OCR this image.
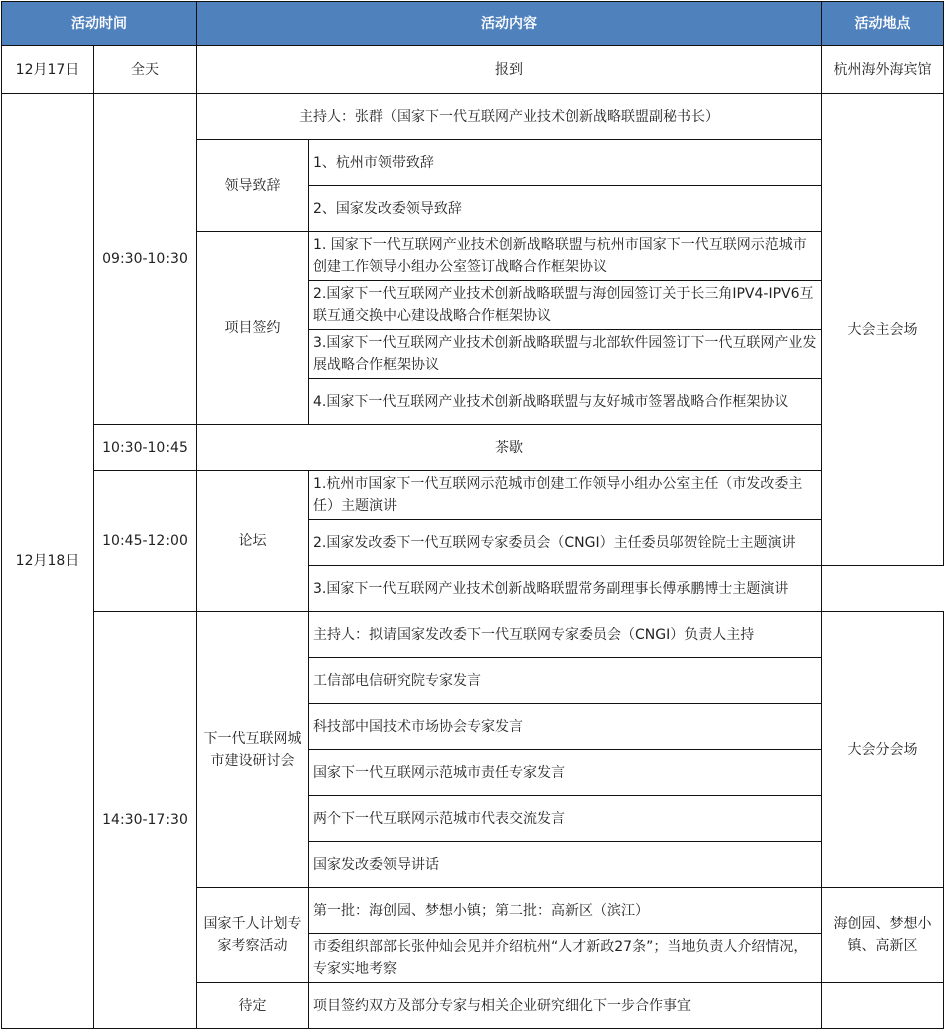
活动时间		活动内容		活动地点
12月17日	全天	报到		杭州海外海宾馆
12月18日	09:30-10:30	主持人：张群（国家下一代互联网产业技术创新战略联盟副秘书长）		大会主会场
		领导致辞	1、杭州市领带致辞	
			2、国家发改委领导致辞	
		项目签约	1. 国家下一代互联网产业技术创新战略联盟与杭州市国家下一代互联网示范城市创建工作领导小组办公室签订战略合作框架协议	
			2.国家下一代互联网产业技术创新战略联盟与海创园签订关于长三角IPV4-IPV6互联互通交换中心建设战略合作框架协议	
			3.国家下一代互联网产业技术创新战略联盟与北部软件园签订下一代互联网产业发展战略合作框架协议	
			4.国家下一代互联网产业技术创新战略联盟与友好城市签署战略合作框架协议	
	10:30-10:45	茶歇		
	10:45-12:00	论坛	1.杭州市国家下一代互联网示范城市创建工作领导小组办公室主任（市发改委主任）主题演讲	
			2.国家发改委下一代互联网专家委员会（CNGI）主任委员邬贺铨院士主题演讲	
			3.国家下一代互联网产业技术创新战略联盟常务副理事长傅承鹏博士主题演讲	
	14:30-17:30	下一代互联网城市建设研讨会	主持人：拟请国家发改委下一代互联网专家委员会（CNGI）负责人主持	大会分会场
			工信部电信研究院专家发言	
			科技部中国技术市场协会专家发言	
			国家下一代互联网示范城市责任专家发言	
			两个下一代互联网示范城市代表交流发言	
			国家发改委领导讲话	
		国家千人计划专家考察活动	第一批：海创园、梦想小镇；第二批：高新区（滨江）	海创园、梦想小镇、高新区
			市委组织部部长张仲灿会见并介绍杭州“人才新政27条”；当地负责人介绍情况，专家实地考察	
		待定	项目签约双方及部分专家与相关企业研究细化下一步合作事宜	
